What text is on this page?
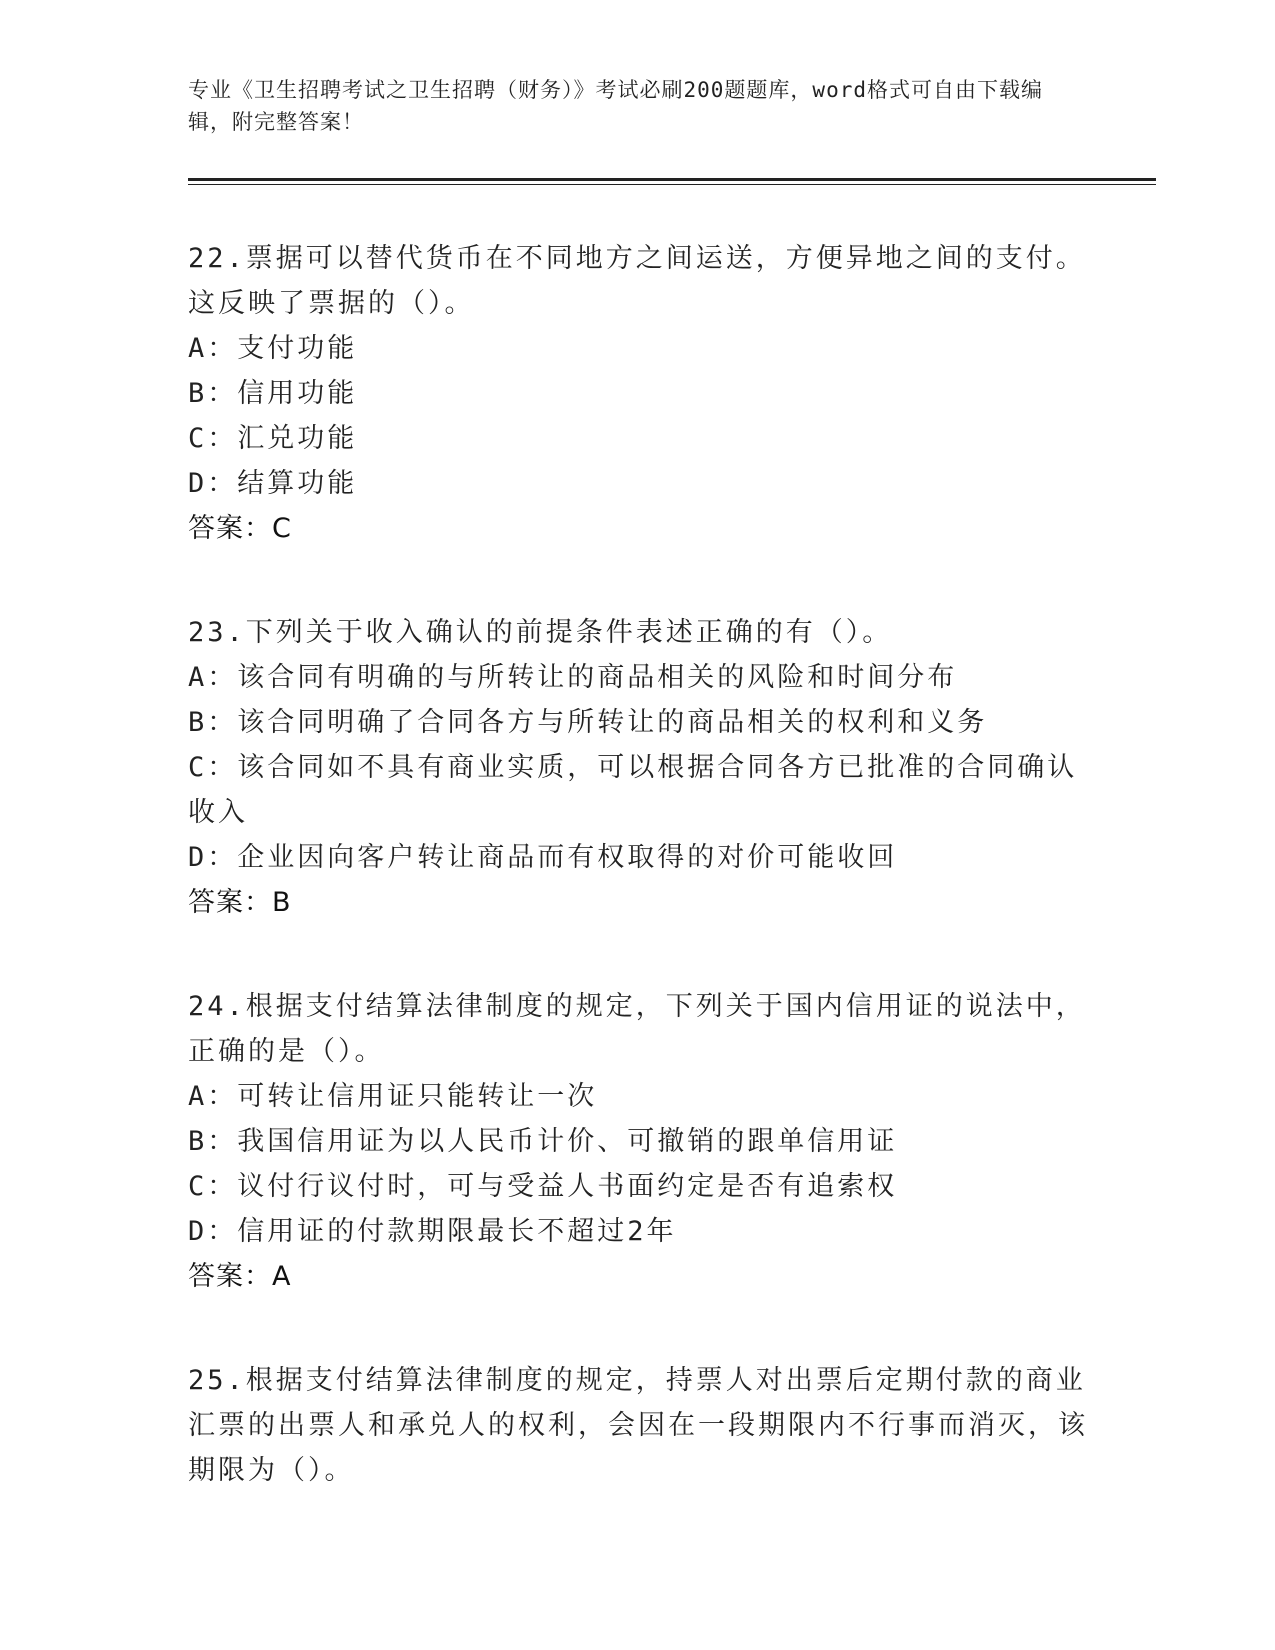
专业《卫生招聘考试之卫生招聘（财务）》考试必刷200题题库，word格式可自由下载编辑，附完整答案！
22.票据可以替代货币在不同地方之间运送，方便异地之间的支付。这反映了票据的（）。
A：支付功能
B：信用功能
C：汇兑功能
D：结算功能
答案：C
23.下列关于收入确认的前提条件表述正确的有（）。
A：该合同有明确的与所转让的商品相关的风险和时间分布
B：该合同明确了合同各方与所转让的商品相关的权利和义务
C：该合同如不具有商业实质，可以根据合同各方已批准的合同确认收入
D：企业因向客户转让商品而有权取得的对价可能收回
答案：B
24.根据支付结算法律制度的规定，下列关于国内信用证的说法中，正确的是（）。
A：可转让信用证只能转让一次
B：我国信用证为以人民币计价、可撤销的跟单信用证
C：议付行议付时，可与受益人书面约定是否有追索权
D：信用证的付款期限最长不超过2年
答案：A
25.根据支付结算法律制度的规定，持票人对出票后定期付款的商业汇票的出票人和承兑人的权利，会因在一段期限内不行事而消灭，该期限为（）。
